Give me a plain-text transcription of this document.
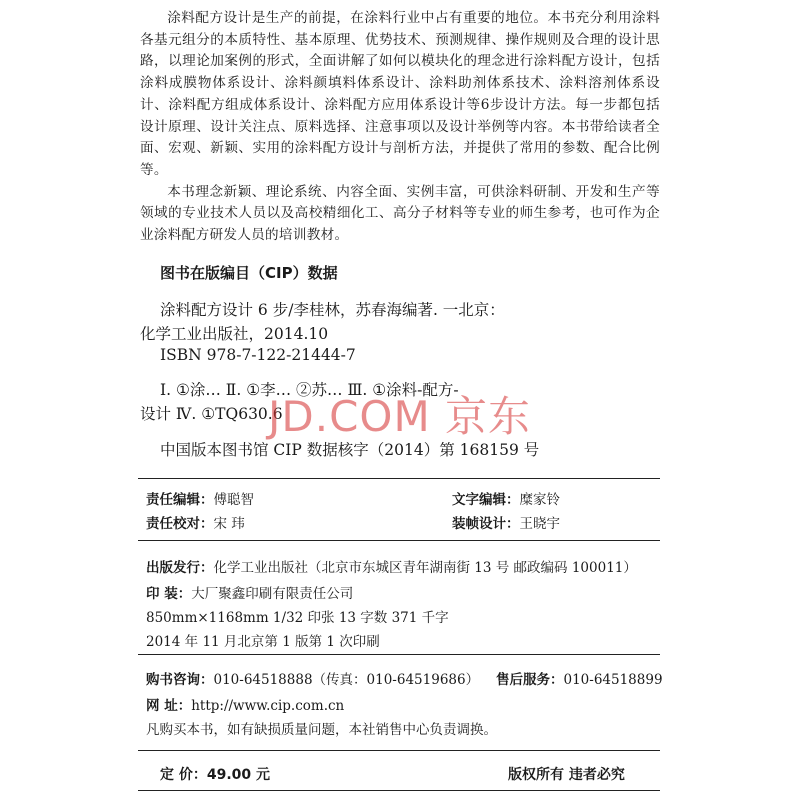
涂料配方设计是生产的前提，在涂料行业中占有重要的地位。本书充分利用涂料各基元组分的本质特性、基本原理、优势技术、预测规律、操作规则及合理的设计思路，以理论加案例的形式，全面讲解了如何以模块化的理念进行涂料配方设计，包括涂料成膜物体系设计、涂料颜填料体系设计、涂料助剂体系技术、涂料溶剂体系设计、涂料配方组成体系设计、涂料配方应用体系设计等6步设计方法。每一步都包括设计原理、设计关注点、原料选择、注意事项以及设计举例等内容。本书带给读者全面、宏观、新颖、实用的涂料配方设计与剖析方法，并提供了常用的参数、配合比例等。

本书理念新颖、理论系统、内容全面、实例丰富，可供涂料研制、开发和生产等领域的专业技术人员以及高校精细化工、高分子材料等专业的师生参考，也可作为企业涂料配方研发人员的培训教材。

图书在版编目（CIP）数据

涂料配方设计 6 步/李桂林，苏春海编著. 一北京：

化学工业出版社，2014.10

ISBN 978-7-122-21444-7

Ⅰ. ①涂… Ⅱ. ①李… ②苏… Ⅲ. ①涂料-配方-

设计 Ⅳ. ①TQ630.6

中国版本图书馆 CIP 数据核字（2014）第 168159 号

JD.COM 京东

责任编辑：傅聪智	文字编辑：糜家铃

责任校对：宋 玮	装帧设计：王晓宇

出版发行：化学工业出版社（北京市东城区青年湖南街 13 号 邮政编码 100011）

印 装：大厂聚鑫印刷有限责任公司

850mm×1168mm 1/32 印张 13 字数 371 千字

2014 年 11 月北京第 1 版第 1 次印刷

购书咨询：010-64518888（传真：010-64519686） 售后服务：010-64518899

网 址：http://www.cip.com.cn

凡购买本书，如有缺损质量问题，本社销售中心负责调换。

定 价：49.00 元	版权所有 违者必究
